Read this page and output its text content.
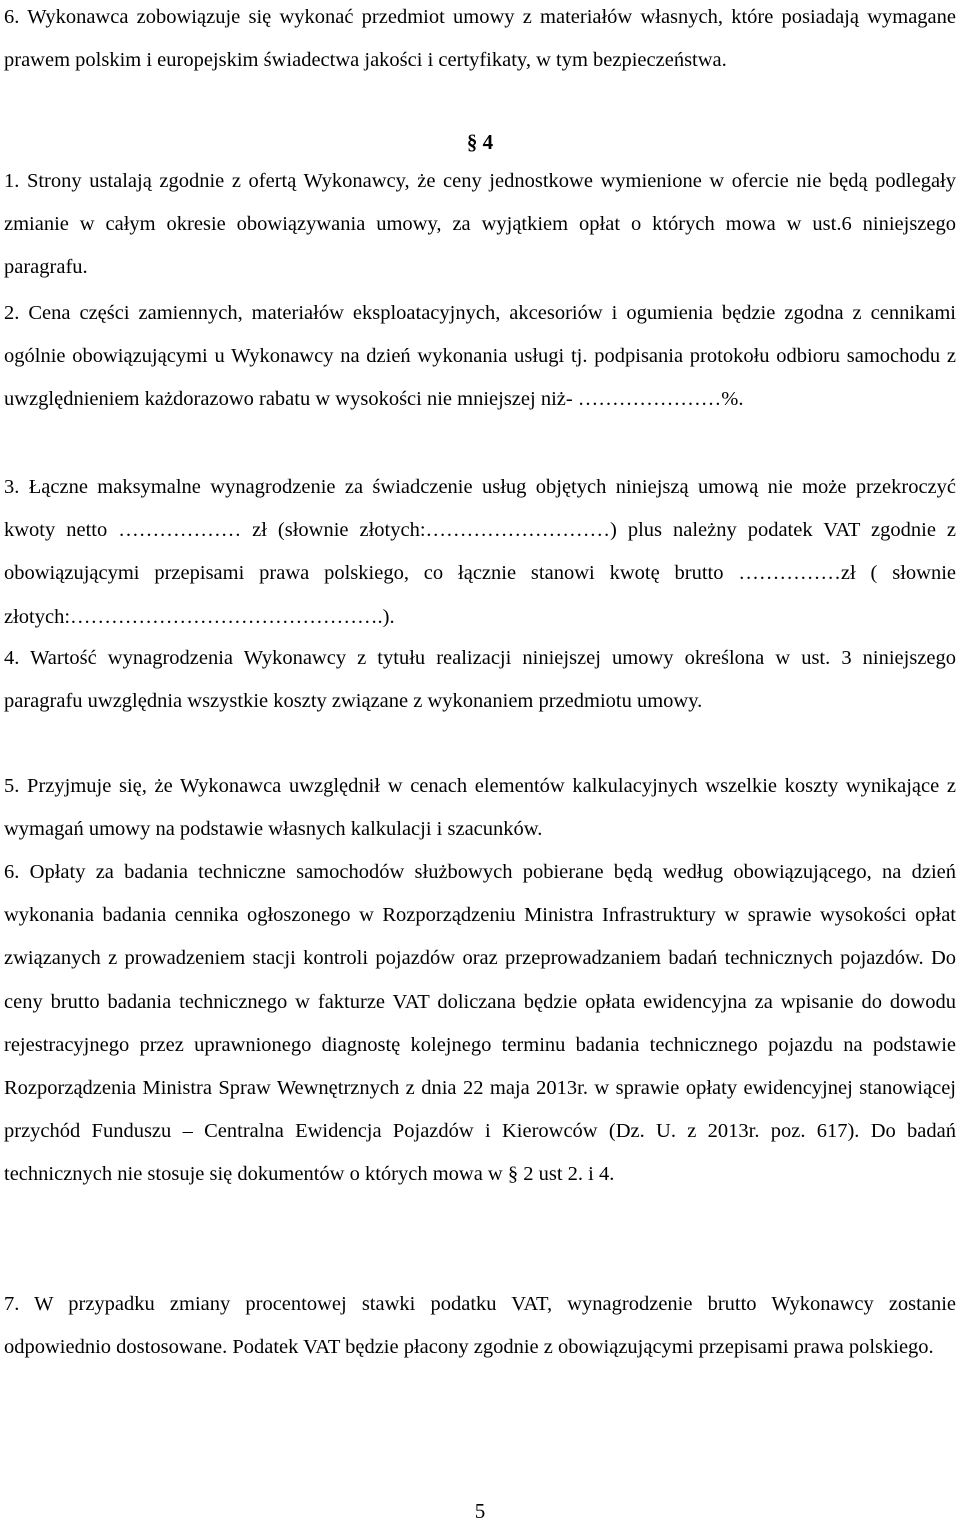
6. Wykonawca zobowiązuje się wykonać przedmiot umowy z materiałów własnych, które posiadają wymagane prawem polskim i europejskim świadectwa jakości i certyfikaty, w tym bezpieczeństwa.

§ 4

1. Strony ustalają zgodnie z ofertą Wykonawcy, że ceny jednostkowe wymienione w ofercie nie będą podlegały zmianie w całym okresie obowiązywania umowy, za wyjątkiem opłat o których mowa w ust.6 niniejszego paragrafu.

2. Cena części zamiennych, materiałów eksploatacyjnych, akcesoriów i ogumienia będzie zgodna z cennikami ogólnie obowiązującymi u Wykonawcy na dzień wykonania usługi tj. podpisania protokołu odbioru samochodu z uwzględnieniem każdorazowo rabatu w wysokości nie mniejszej niż- …………………%.

3. Łączne maksymalne wynagrodzenie za świadczenie usług objętych niniejszą umową nie może przekroczyć kwoty netto ……………… zł (słownie złotych:………………………) plus należny podatek VAT zgodnie z obowiązującymi przepisami prawa polskiego, co łącznie stanowi kwotę brutto ……………zł ( słownie złotych:……………………………………….).

4. Wartość wynagrodzenia Wykonawcy z tytułu realizacji niniejszej umowy określona w ust. 3 niniejszego paragrafu uwzględnia wszystkie koszty związane z wykonaniem przedmiotu umowy.

5. Przyjmuje się, że Wykonawca uwzględnił w cenach elementów kalkulacyjnych wszelkie koszty wynikające z wymagań umowy na podstawie własnych kalkulacji i szacunków.

6. Opłaty za badania techniczne samochodów służbowych pobierane będą według obowiązującego, na dzień wykonania badania cennika ogłoszonego w Rozporządzeniu Ministra Infrastruktury w sprawie wysokości opłat związanych z prowadzeniem stacji kontroli pojazdów oraz przeprowadzaniem badań technicznych pojazdów. Do ceny brutto badania technicznego w fakturze VAT doliczana będzie opłata ewidencyjna za wpisanie do dowodu rejestracyjnego przez uprawnionego diagnostę kolejnego terminu badania technicznego pojazdu na podstawie Rozporządzenia Ministra Spraw Wewnętrznych z dnia 22 maja 2013r. w sprawie opłaty ewidencyjnej stanowiącej przychód Funduszu – Centralna Ewidencja Pojazdów i Kierowców (Dz. U. z 2013r. poz. 617). Do badań technicznych nie stosuje się dokumentów o których mowa w § 2 ust 2. i 4.

7. W przypadku zmiany procentowej stawki podatku VAT, wynagrodzenie brutto Wykonawcy zostanie odpowiednio dostosowane. Podatek VAT będzie płacony zgodnie z obowiązującymi przepisami prawa polskiego.

5
